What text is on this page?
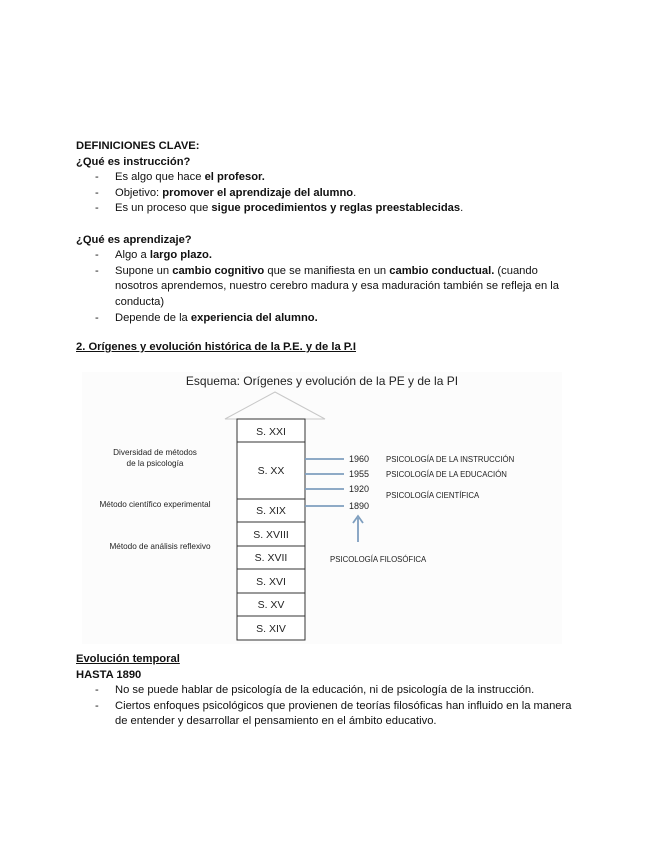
DEFINICIONES CLAVE:
¿Qué es instrucción?
- Es algo que hace el profesor.
- Objetivo: promover el aprendizaje del alumno.
- Es un proceso que sigue procedimientos y reglas preestablecidas.
¿Qué es aprendizaje?
- Algo a largo plazo.
- Supone un cambio cognitivo que se manifiesta en un cambio conductual. (cuando nosotros aprendemos, nuestro cerebro madura y esa maduración también se refleja en la conducta)
- Depende de la experiencia del alumno.
2. Orígenes y evolución histórica de la P.E. y de la P.I
Esquema: Orígenes y evolución de la PE y de la PI
S. XXI
S. XX
S. XIX
S. XVIII
S. XVII
S. XVI
S. XV
S. XIV
Diversidad de métodos
de la psicología
Método científico experimental
Método de análisis reflexivo
1960
1955
1920
1890
PSICOLOGÍA DE LA INSTRUCCIÓN
PSICOLOGÍA DE LA EDUCACIÓN
PSICOLOGÍA CIENTÍFICA
PSICOLOGÍA FILOSÓFICA
Evolución temporal
HASTA 1890
- No se puede hablar de psicología de la educación, ni de psicología de la instrucción.
- Ciertos enfoques psicológicos que provienen de teorías filosóficas han influido en la manera de entender y desarrollar el pensamiento en el ámbito educativo.
